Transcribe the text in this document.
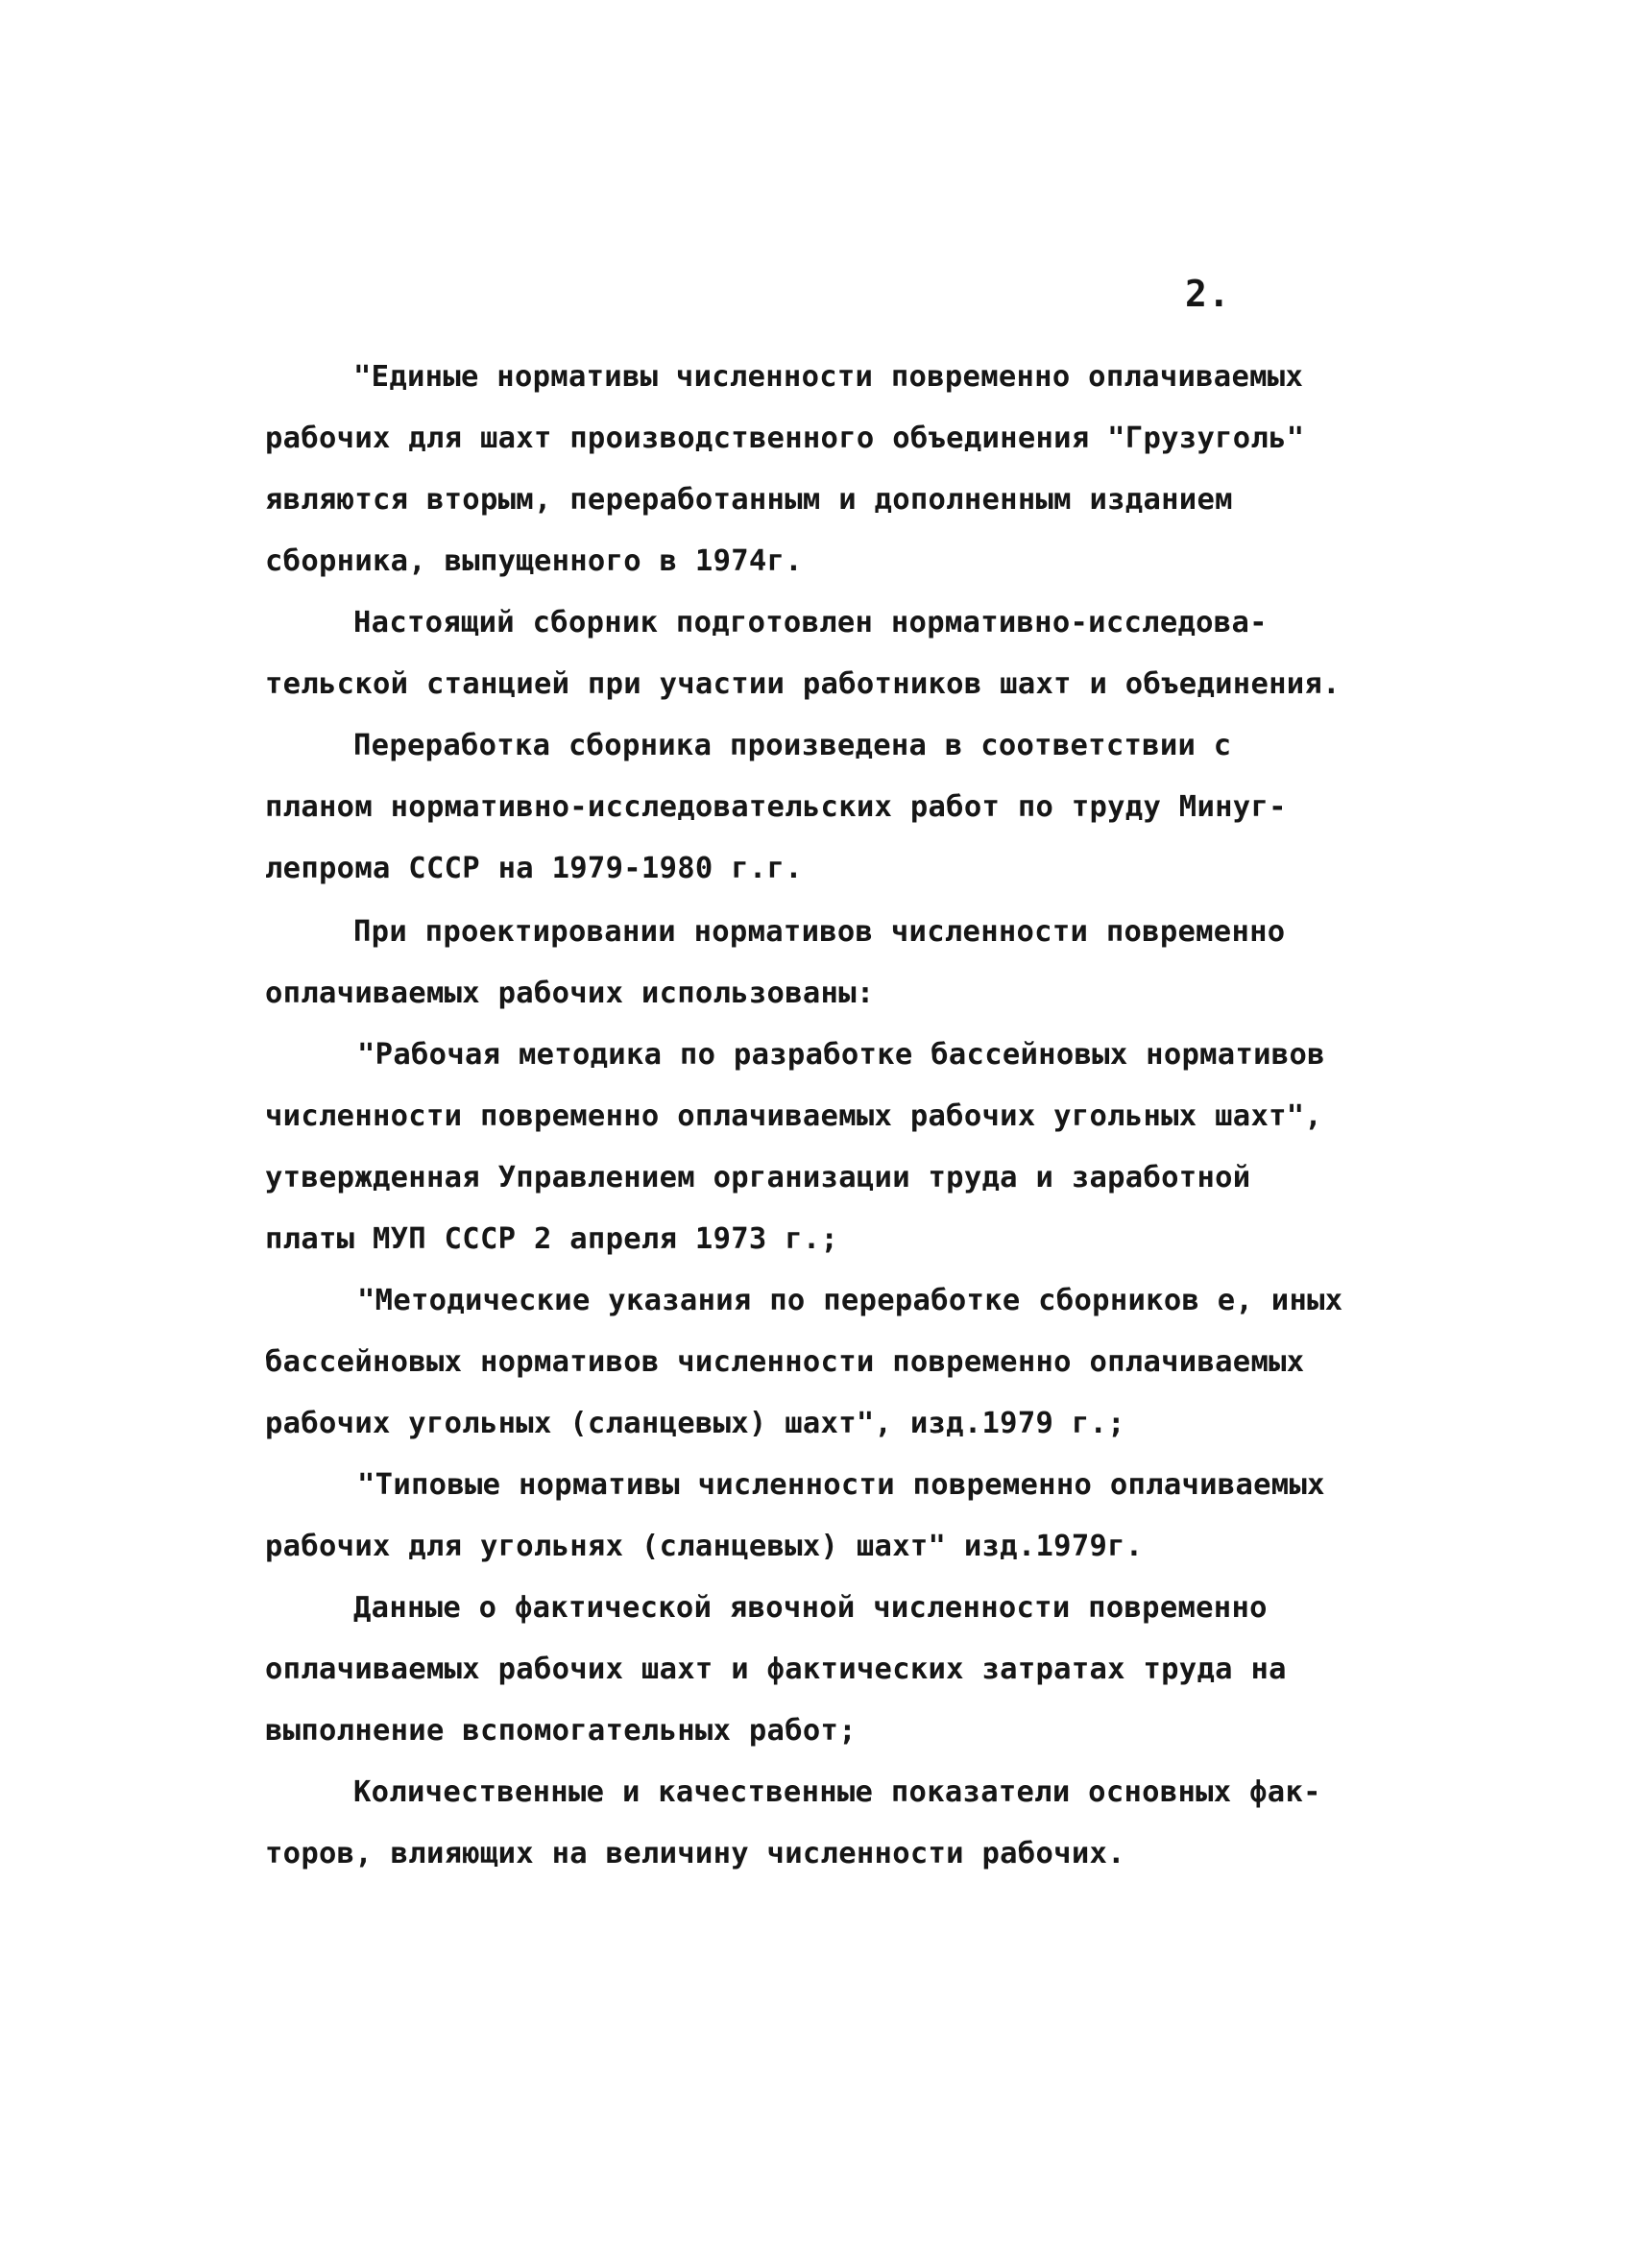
2.
"Единые нормативы численности повременно оплачиваемых
рабочих для шахт производственного объединения "Грузуголь"
являются вторым, переработанным и дополненным изданием
сборника, выпущенного в 1974г.
Настоящий сборник подготовлен нормативно-исследова-
тельской станцией при участии работников шахт и объединения.
Переработка сборника произведена в соответствии с
планом нормативно-исследовательских работ по труду Минуг-
лепрома СССР на 1979-1980 г.г.
При проектировании нормативов численности повременно
оплачиваемых рабочих использованы:
"Рабочая методика по разработке бассейновых нормативов
численности повременно оплачиваемых рабочих угольных шахт",
утвержденная Управлением организации труда и заработной
платы МУП СССР 2 апреля 1973 г.;
"Методические указания по переработке сборников е, иных
бассейновых нормативов численности повременно оплачиваемых
рабочих угольных (сланцевых) шахт", изд.1979 г.;
"Типовые нормативы численности повременно оплачиваемых
рабочих для угольнях (сланцевых) шахт" изд.1979г.
Данные о фактической явочной численности повременно
оплачиваемых рабочих шахт и фактических затратах труда на
выполнение вспомогательных работ;
Количественные и качественные показатели основных фак-
торов, влияющих на величину численности рабочих.
